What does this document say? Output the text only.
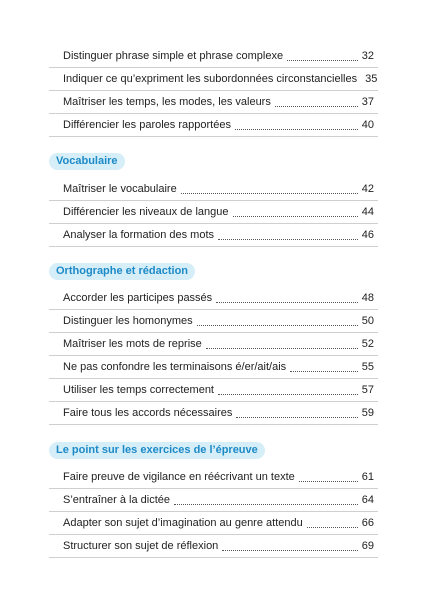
Distinguer phrase simple et phrase complexe	32
Indiquer ce qu’expriment les subordonnées circonstancielles 35
Maîtriser les temps, les modes, les valeurs	37
Différencier les paroles rapportées	40
Vocabulaire
Maîtriser le vocabulaire	42
Différencier les niveaux de langue	44
Analyser la formation des mots	46
Orthographe et rédaction
Accorder les participes passés	48
Distinguer les homonymes	50
Maîtriser les mots de reprise	52
Ne pas confondre les terminaisons é/er/ait/ais	55
Utiliser les temps correctement	57
Faire tous les accords nécessaires	59
Le point sur les exercices de l’épreuve
Faire preuve de vigilance en réécrivant un texte	61
S’entraîner à la dictée	64
Adapter son sujet d’imagination au genre attendu	66
Structurer son sujet de réflexion	69
